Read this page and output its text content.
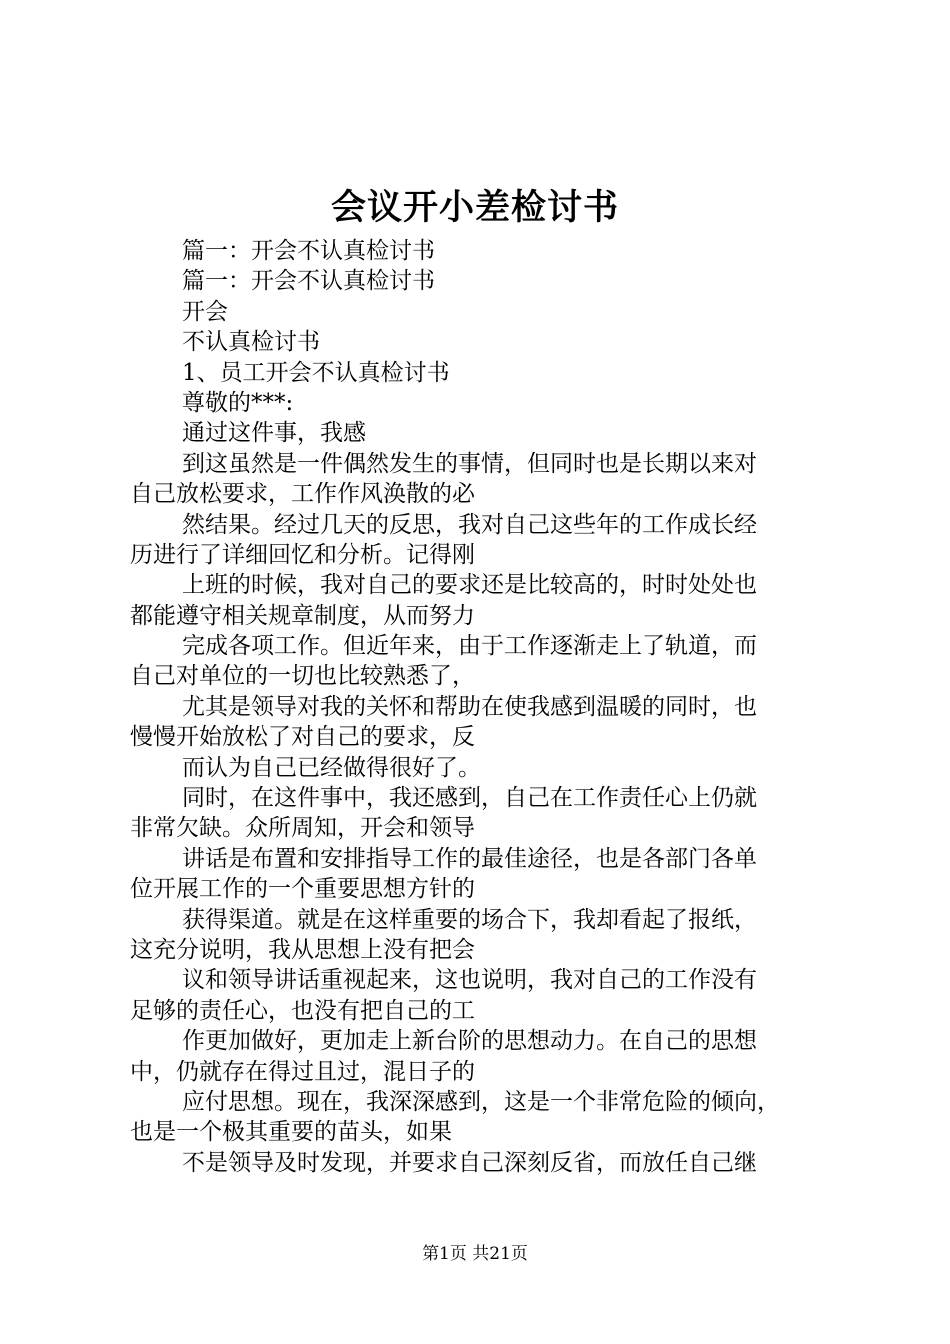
会议开小差检讨书

篇一：开会不认真检讨书

篇一：开会不认真检讨书

开会

不认真检讨书

1、员工开会不认真检讨书

尊敬的***:

通过这件事，我感

到这虽然是一件偶然发生的事情，但同时也是长期以来对

自己放松要求，工作作风涣散的必

然结果。经过几天的反思，我对自己这些年的工作成长经

历进行了详细回忆和分析。记得刚

上班的时候，我对自己的要求还是比较高的，时时处处也

都能遵守相关规章制度，从而努力

完成各项工作。但近年来，由于工作逐渐走上了轨道，而

自己对单位的一切也比较熟悉了，

尤其是领导对我的关怀和帮助在使我感到温暖的同时，也

慢慢开始放松了对自己的要求，反

而认为自己已经做得很好了。

同时，在这件事中，我还感到，自己在工作责任心上仍就

非常欠缺。众所周知，开会和领导

讲话是布置和安排指导工作的最佳途径，也是各部门各单

位开展工作的一个重要思想方针的

获得渠道。就是在这样重要的场合下，我却看起了报纸，

这充分说明，我从思想上没有把会

议和领导讲话重视起来，这也说明，我对自己的工作没有

足够的责任心，也没有把自己的工

作更加做好，更加走上新台阶的思想动力。在自己的思想

中，仍就存在得过且过，混日子的

应付思想。现在，我深深感到，这是一个非常危险的倾向，

也是一个极其重要的苗头，如果

不是领导及时发现，并要求自己深刻反省，而放任自己继

第1页 共21页
